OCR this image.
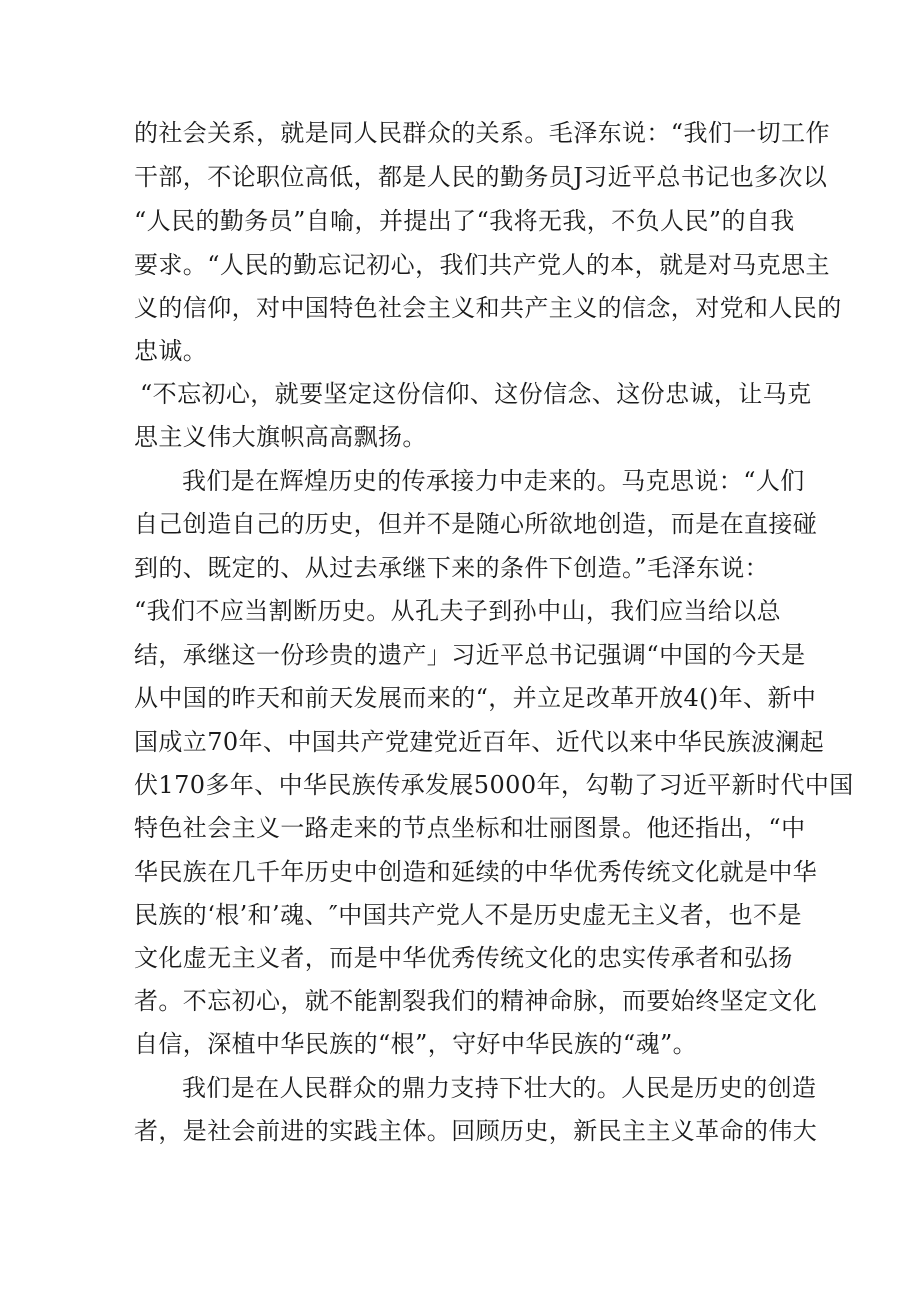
的社会关系，就是同人民群众的关系。毛泽东说：“我们一切工作
干部，不论职位高低，都是人民的勤务员J习近平总书记也多次以
“人民的勤务员”自喻，并提出了“我将无我，不负人民”的自我
要求。“人民的勤忘记初心，我们共产党人的本，就是对马克思主
义的信仰，对中国特色社会主义和共产主义的信念，对党和人民的
忠诚。
“不忘初心，就要坚定这份信仰、这份信念、这份忠诚，让马克
思主义伟大旗帜高高飘扬。
我们是在辉煌历史的传承接力中走来的。马克思说：“人们
自己创造自己的历史，但并不是随心所欲地创造，而是在直接碰
到的、既定的、从过去承继下来的条件下创造。”毛泽东说：
“我们不应当割断历史。从孔夫子到孙中山，我们应当给以总
结，承继这一份珍贵的遗产」习近平总书记强调“中国的今天是
从中国的昨天和前天发展而来的“，并立足改革开放4()年、新中
国成立70年、中国共产党建党近百年、近代以来中华民族波澜起
伏170多年、中华民族传承发展5000年，勾勒了习近平新时代中国
特色社会主义一路走来的节点坐标和壮丽图景。他还指出，“中
华民族在几千年历史中创造和延续的中华优秀传统文化就是中华
民族的‘根’和’魂、″中国共产党人不是历史虚无主义者，也不是
文化虚无主义者，而是中华优秀传统文化的忠实传承者和弘扬
者。不忘初心，就不能割裂我们的精神命脉，而要始终坚定文化
自信，深植中华民族的“根”，守好中华民族的“魂”。
我们是在人民群众的鼎力支持下壮大的。人民是历史的创造
者，是社会前进的实践主体。回顾历史，新民主主义革命的伟大
